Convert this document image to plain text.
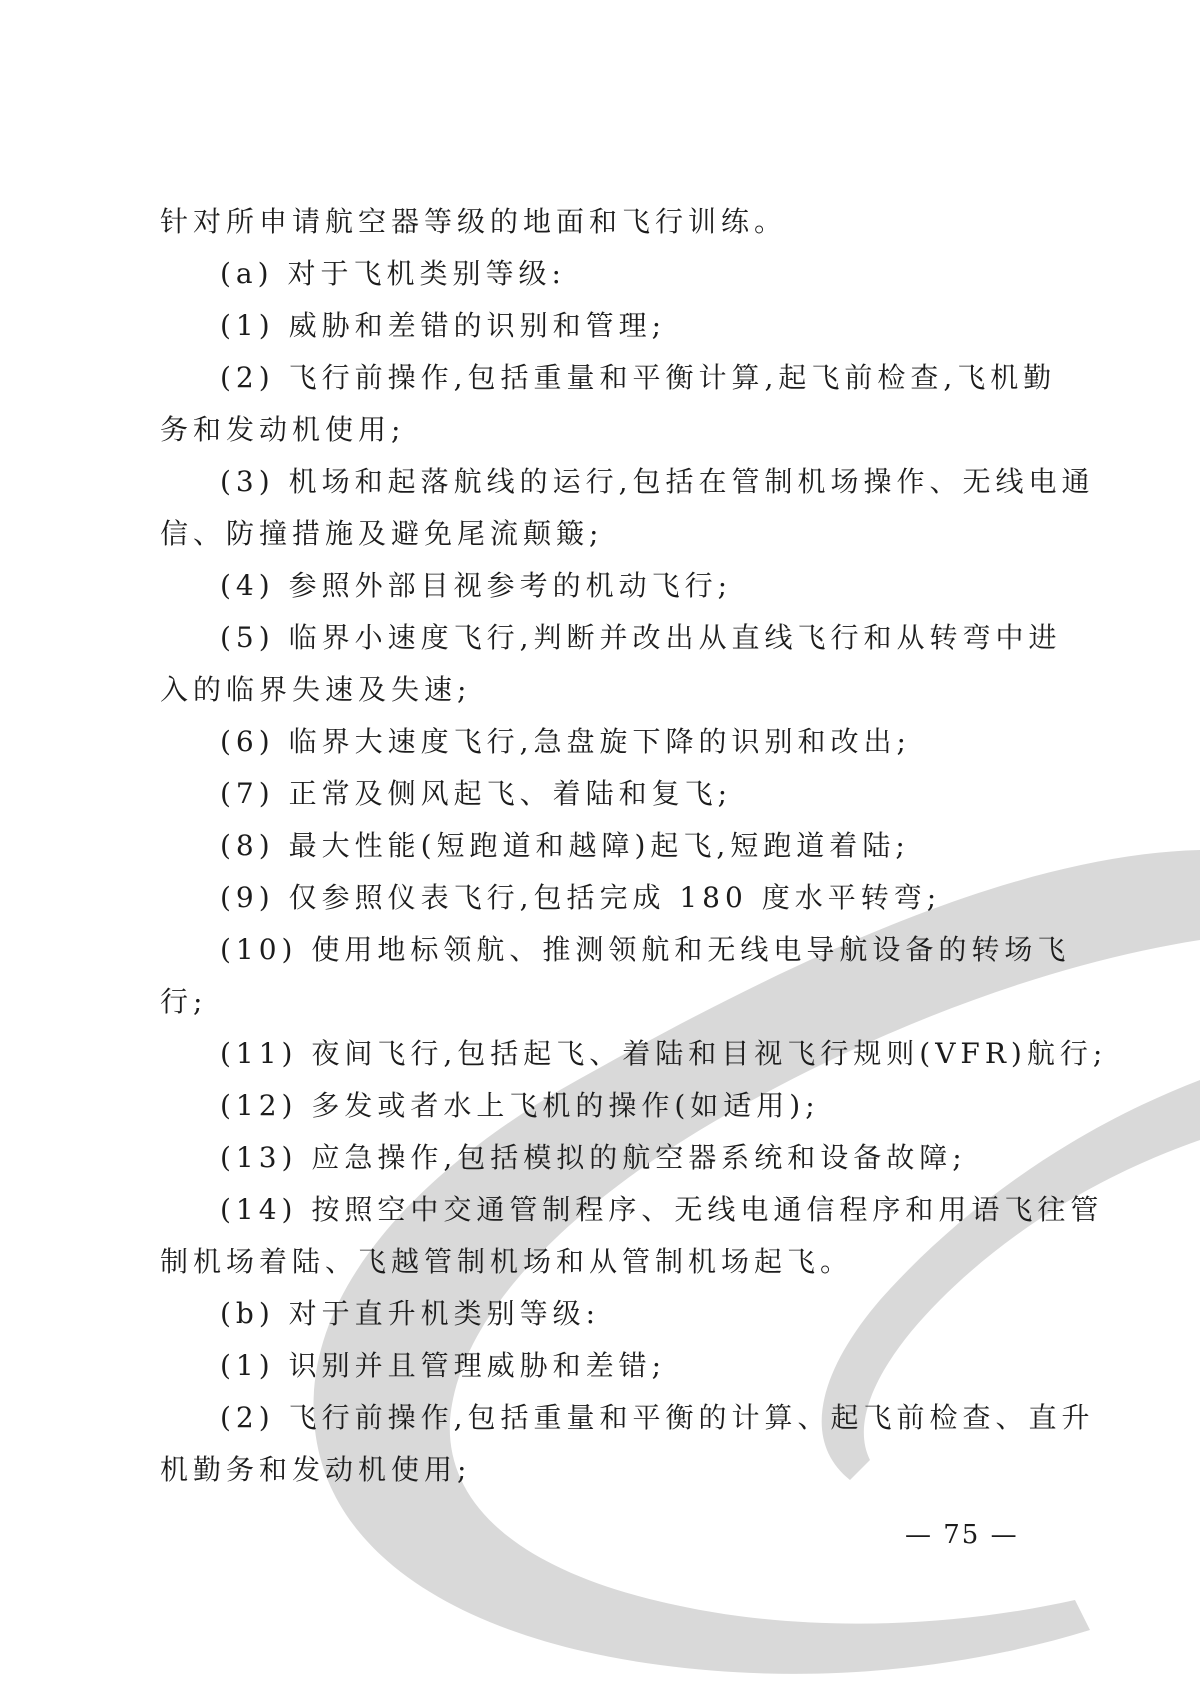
针对所申请航空器等级的地面和飞行训练。
(a) 对于飞机类别等级:
(1) 威胁和差错的识别和管理;
(2) 飞行前操作,包括重量和平衡计算,起飞前检查,飞机勤
务和发动机使用;
(3) 机场和起落航线的运行,包括在管制机场操作、无线电通
信、防撞措施及避免尾流颠簸;
(4) 参照外部目视参考的机动飞行;
(5) 临界小速度飞行,判断并改出从直线飞行和从转弯中进
入的临界失速及失速;
(6) 临界大速度飞行,急盘旋下降的识别和改出;
(7) 正常及侧风起飞、着陆和复飞;
(8) 最大性能(短跑道和越障)起飞,短跑道着陆;
(9) 仅参照仪表飞行,包括完成 180 度水平转弯;
(10) 使用地标领航、推测领航和无线电导航设备的转场飞
行;
(11) 夜间飞行,包括起飞、着陆和目视飞行规则(VFR)航行;
(12) 多发或者水上飞机的操作(如适用);
(13) 应急操作,包括模拟的航空器系统和设备故障;
(14) 按照空中交通管制程序、无线电通信程序和用语飞往管
制机场着陆、飞越管制机场和从管制机场起飞。
(b) 对于直升机类别等级:
(1) 识别并且管理威胁和差错;
(2) 飞行前操作,包括重量和平衡的计算、起飞前检查、直升
机勤务和发动机使用;
— 75 —
